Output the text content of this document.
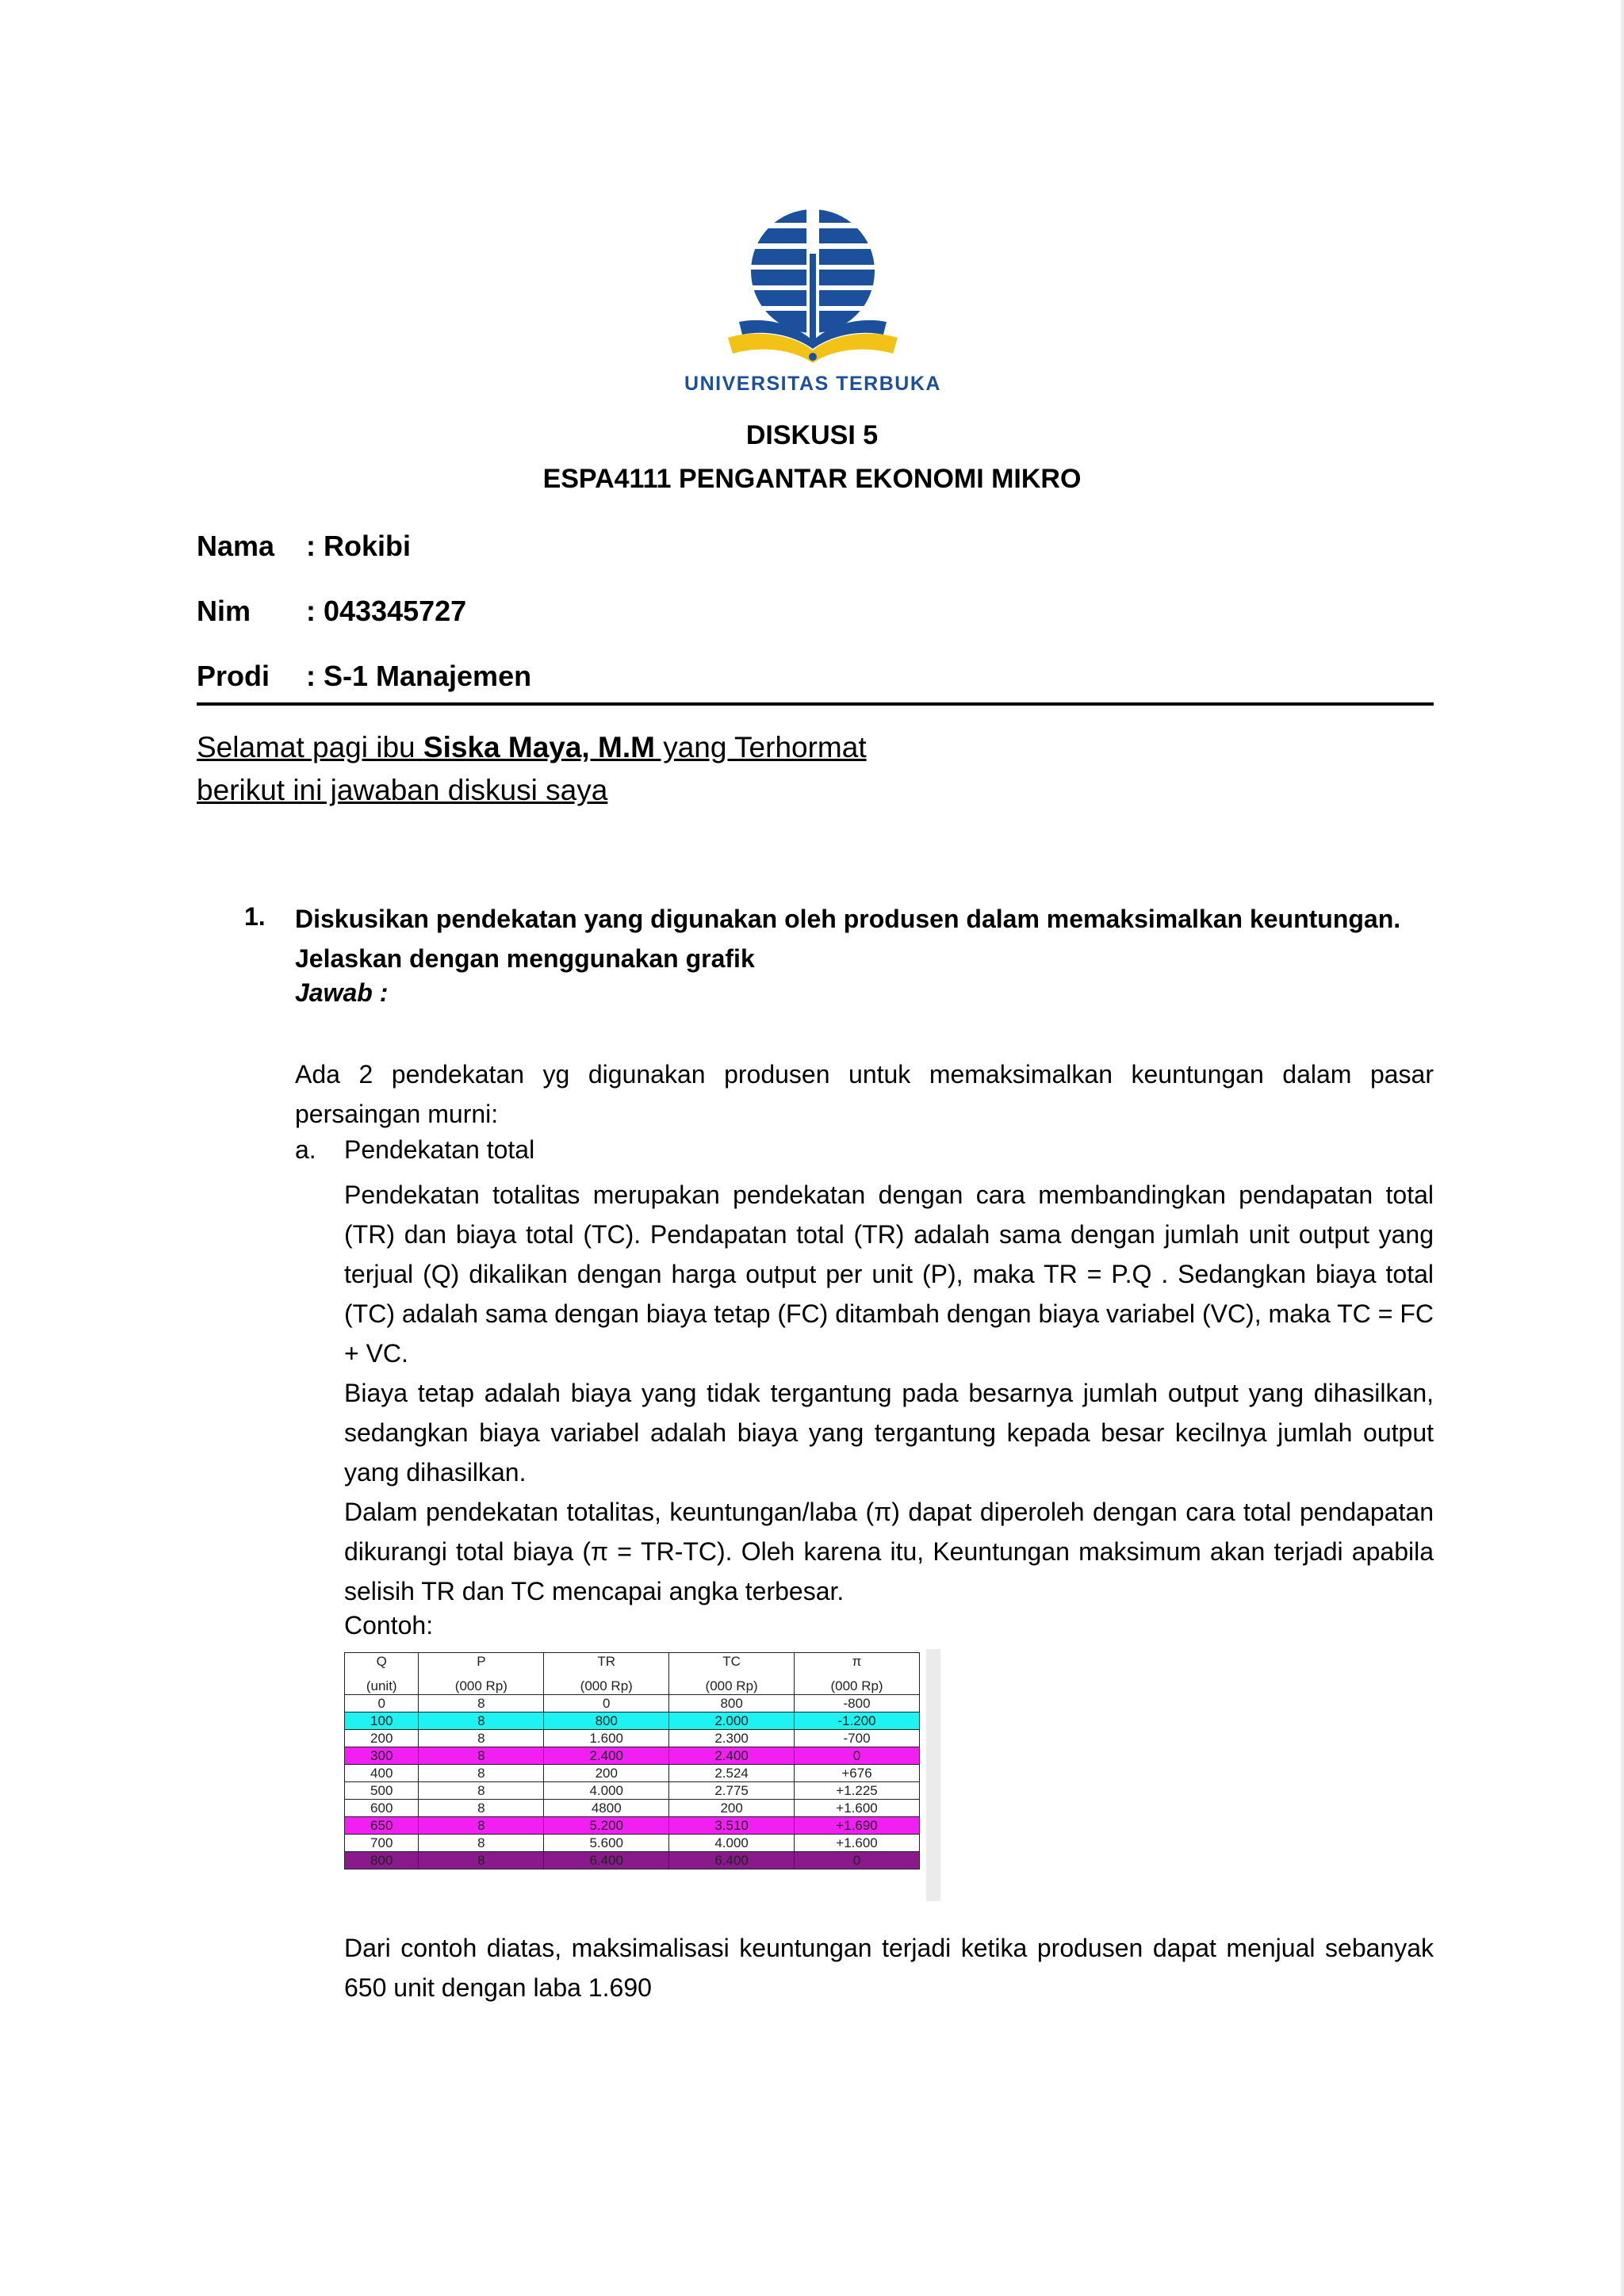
UNIVERSITAS TERBUKA
DISKUSI 5
ESPA4111 PENGANTAR EKONOMI MIKRO
Nama : Rokibi
Nim : 043345727
Prodi : S-1 Manajemen
Selamat pagi ibu Siska Maya, M.M yang Terhormat
berikut ini jawaban diskusi saya
1. Diskusikan pendekatan yang digunakan oleh produsen dalam memaksimalkan keuntungan.
Jelaskan dengan menggunakan grafik
Jawab :
Ada 2 pendekatan yg digunakan produsen untuk memaksimalkan keuntungan dalam pasar persaingan murni:
a. Pendekatan total
Pendekatan totalitas merupakan pendekatan dengan cara membandingkan pendapatan total (TR) dan biaya total (TC). Pendapatan total (TR) adalah sama dengan jumlah unit output yang terjual (Q) dikalikan dengan harga output per unit (P), maka TR = P.Q . Sedangkan biaya total (TC) adalah sama dengan biaya tetap (FC) ditambah dengan biaya variabel (VC), maka TC = FC + VC.
Biaya tetap adalah biaya yang tidak tergantung pada besarnya jumlah output yang dihasilkan, sedangkan biaya variabel adalah biaya yang tergantung kepada besar kecilnya jumlah output yang dihasilkan.
Dalam pendekatan totalitas, keuntungan/laba (π) dapat diperoleh dengan cara total pendapatan dikurangi total biaya (π = TR-TC). Oleh karena itu, Keuntungan maksimum akan terjadi apabila selisih TR dan TC mencapai angka terbesar.
Contoh:
Q	P	TR	TC	π
(unit)	(000 Rp)	(000 Rp)	(000 Rp)	(000 Rp)
0	8	0	800	-800
100	8	800	2.000	-1.200
200	8	1.600	2.300	-700
300	8	2.400	2.400	0
400	8	200	2.524	+676
500	8	4.000	2.775	+1.225
600	8	4800	200	+1.600
650	8	5.200	3.510	+1.690
700	8	5.600	4.000	+1.600
800	8	6.400	6.400	0
Dari contoh diatas, maksimalisasi keuntungan terjadi ketika produsen dapat menjual sebanyak 650 unit dengan laba 1.690
